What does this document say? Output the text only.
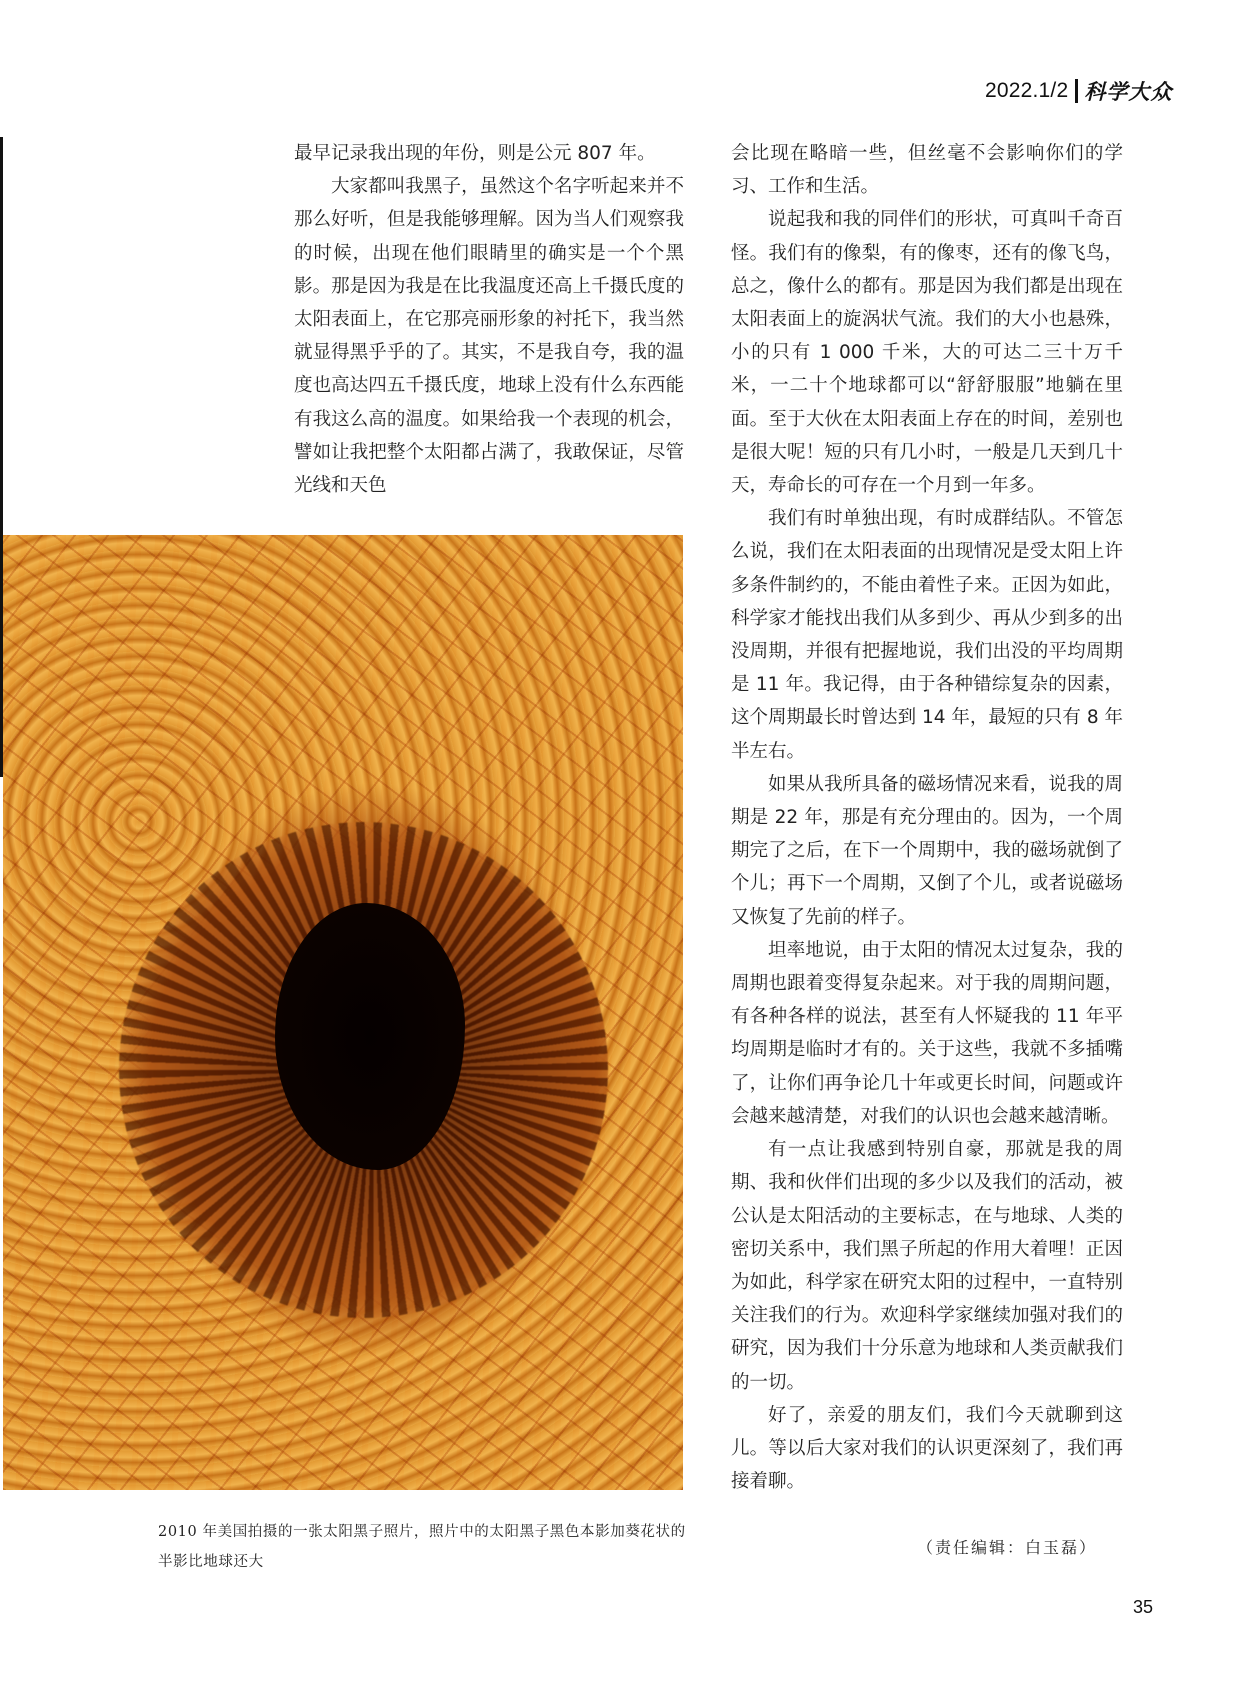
2022.1/2 科学大众

最早记录我出现的年份，则是公元 807 年。

大家都叫我黑子，虽然这个名字听起来并不那么好听，但是我能够理解。因为当人们观察我的时候，出现在他们眼睛里的确实是一个个黑影。那是因为我是在比我温度还高上千摄氏度的太阳表面上，在它那亮丽形象的衬托下，我当然就显得黑乎乎的了。其实，不是我自夸，我的温度也高达四五千摄氏度，地球上没有什么东西能有我这么高的温度。如果给我一个表现的机会，譬如让我把整个太阳都占满了，我敢保证，尽管光线和天色

会比现在略暗一些，但丝毫不会影响你们的学习、工作和生活。

说起我和我的同伴们的形状，可真叫千奇百怪。我们有的像梨，有的像枣，还有的像飞鸟，总之，像什么的都有。那是因为我们都是出现在太阳表面上的旋涡状气流。我们的大小也悬殊，小的只有 1 000 千米，大的可达二三十万千米，一二十个地球都可以“舒舒服服”地躺在里面。至于大伙在太阳表面上存在的时间，差别也是很大呢！短的只有几小时，一般是几天到几十天，寿命长的可存在一个月到一年多。

我们有时单独出现，有时成群结队。不管怎么说，我们在太阳表面的出现情况是受太阳上许多条件制约的，不能由着性子来。正因为如此，科学家才能找出我们从多到少、再从少到多的出没周期，并很有把握地说，我们出没的平均周期是 11 年。我记得，由于各种错综复杂的因素，这个周期最长时曾达到 14 年，最短的只有 8 年半左右。

如果从我所具备的磁场情况来看，说我的周期是 22 年，那是有充分理由的。因为，一个周期完了之后，在下一个周期中，我的磁场就倒了个儿；再下一个周期，又倒了个儿，或者说磁场又恢复了先前的样子。

坦率地说，由于太阳的情况太过复杂，我的周期也跟着变得复杂起来。对于我的周期问题，有各种各样的说法，甚至有人怀疑我的 11 年平均周期是临时才有的。关于这些，我就不多插嘴了，让你们再争论几十年或更长时间，问题或许会越来越清楚，对我们的认识也会越来越清晰。

有一点让我感到特别自豪，那就是我的周期、我和伙伴们出现的多少以及我们的活动，被公认是太阳活动的主要标志，在与地球、人类的密切关系中，我们黑子所起的作用大着哩！正因为如此，科学家在研究太阳的过程中，一直特别关注我们的行为。欢迎科学家继续加强对我们的研究，因为我们十分乐意为地球和人类贡献我们的一切。

好了，亲爱的朋友们，我们今天就聊到这儿。等以后大家对我们的认识更深刻了，我们再接着聊。

2010 年美国拍摄的一张太阳黑子照片，照片中的太阳黑子黑色本影加葵花状的半影比地球还大
（责任编辑：白玉磊）
35
